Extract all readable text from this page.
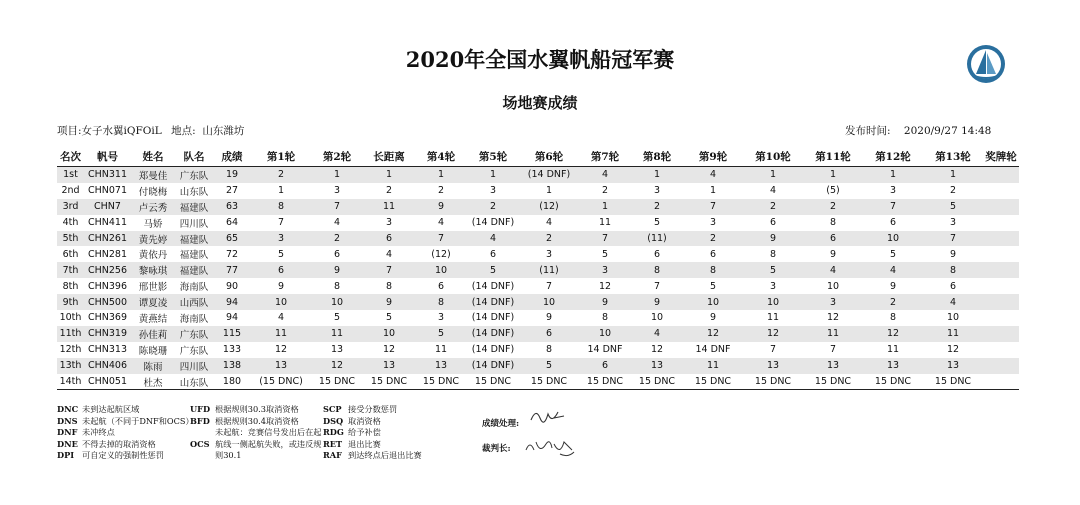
2020年全国水翼帆船冠军赛
场地赛成绩
项目:女子水翼iQFOiL 地点: 山东潍坊	发布时间: 2020/9/27 14:48
名次	帆号	姓名	队名	成绩	第1轮	第2轮	长距离	第4轮	第5轮	第6轮	第7轮	第8轮	第9轮	第10轮	第11轮	第12轮	第13轮	奖牌轮
1st	CHN311	郑曼佳	广东队	19	2	1	1	1	1	(14 DNF)	4	1	4	1	1	1	1	
2nd	CHN071	付晓梅	山东队	27	1	3	2	2	3	1	2	3	1	4	(5)	3	2	
3rd	CHN7	卢云秀	福建队	63	8	7	11	9	2	(12)	1	2	7	2	2	7	5	
4th	CHN411	马娇	四川队	64	7	4	3	4	(14 DNF)	4	11	5	3	6	8	6	3	
5th	CHN261	黄先婷	福建队	65	3	2	6	7	4	2	7	(11)	2	9	6	10	7	
6th	CHN281	黄依丹	福建队	72	5	6	4	(12)	6	3	5	6	6	8	9	5	9	
7th	CHN256	黎咏琪	福建队	77	6	9	7	10	5	(11)	3	8	8	5	4	4	8	
8th	CHN396	邢世影	海南队	90	9	8	8	6	(14 DNF)	7	12	7	5	3	10	9	6	
9th	CHN500	谭夏凌	山西队	94	10	10	9	8	(14 DNF)	10	9	9	10	10	3	2	4	
10th	CHN369	黄燕结	海南队	94	4	5	5	3	(14 DNF)	9	8	10	9	11	12	8	10	
11th	CHN319	孙佳莉	广东队	115	11	11	10	5	(14 DNF)	6	10	4	12	12	11	12	11	
12th	CHN313	陈晓珊	广东队	133	12	13	12	11	(14 DNF)	8	14 DNF	12	14 DNF	7	7	11	12	
13th	CHN406	陈雨	四川队	138	13	12	13	13	(14 DNF)	5	6	13	11	13	13	13	13	
14th	CHN051	杜杰	山东队	180	(15 DNC)	15 DNC	15 DNC	15 DNC	15 DNC	15 DNC	15 DNC	15 DNC	15 DNC	15 DNC	15 DNC	15 DNC	15 DNC	
DNC 未到达起航区域
DNS 未起航（不同于DNF和OCS）
DNF 未冲终点
DNE 不得去掉的取消资格
DPI 可自定义的强制性惩罚
UFD 根据规则30.3取消资格
BFD 根据规则30.4取消资格
未起航：竞赛信号发出后在起
OCS 航线一侧起航失败，或违反规
则30.1
SCP 接受分数惩罚
DSQ 取消资格
RDG 给予补偿
RET 退出比赛
RAF 到达终点后退出比赛
成绩处理:
裁判长:
